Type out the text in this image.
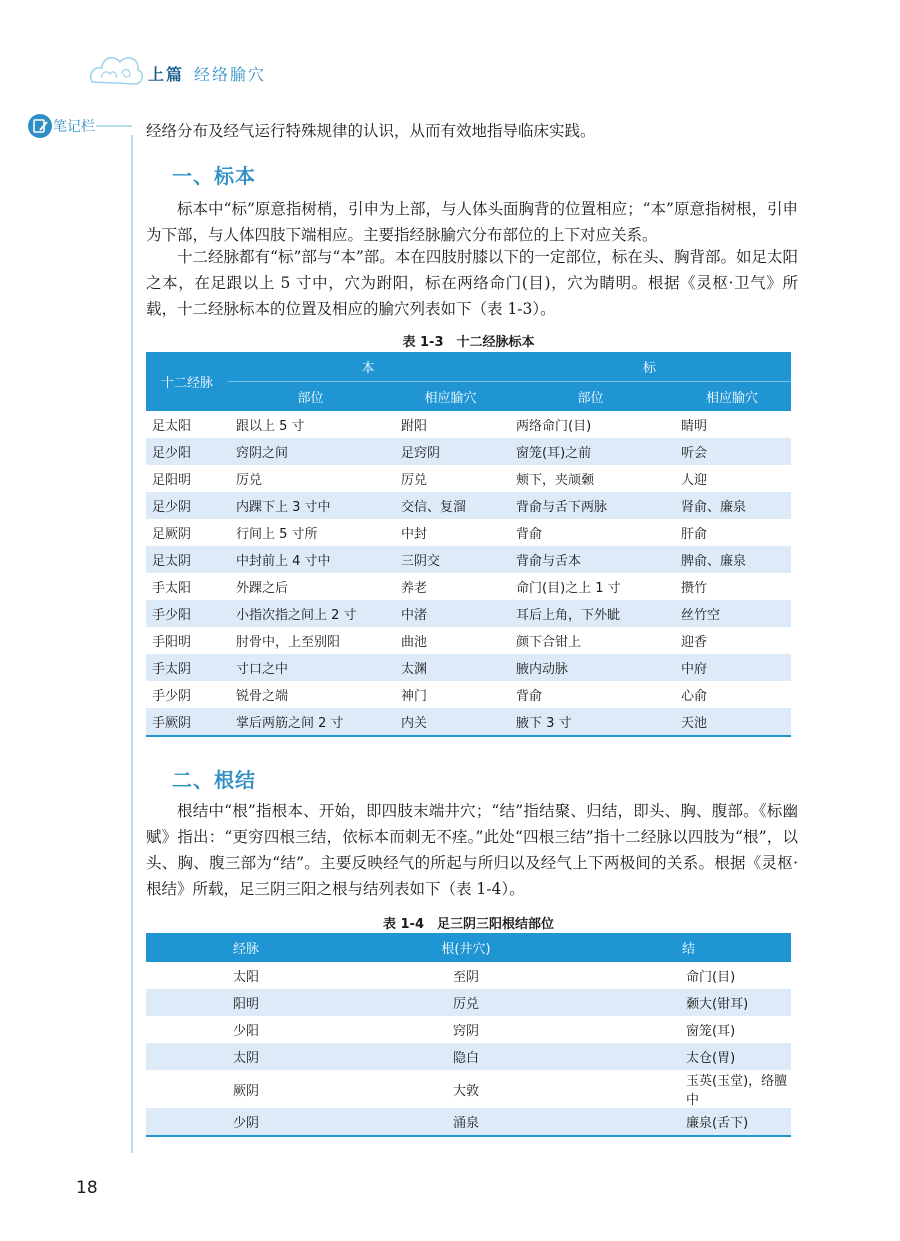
上篇 经络腧穴
笔记栏	经络分布及经气运行特殊规律的认识，从而有效地指导临床实践。
一、标本
标本中“标”原意指树梢，引申为上部，与人体头面胸背的位置相应；“本”原意指树根，引申为下部，与人体四肢下端相应。主要指经脉腧穴分布部位的上下对应关系。
十二经脉都有“标”部与“本”部。本在四肢肘膝以下的一定部位，标在头、胸背部。如足太阳之本，在足跟以上 5 寸中，穴为跗阳，标在两络命门(目)，穴为睛明。根据《灵枢·卫气》所载，十二经脉标本的位置及相应的腧穴列表如下（表 1-3）。
表 1-3　十二经脉标本
十二经脉	本		标	
	部位	相应腧穴	部位	相应腧穴
足太阳	跟以上 5 寸	跗阳	两络命门(目)	睛明
足少阳	窍阴之间	足窍阴	窗笼(耳)之前	听会
足阳明	厉兑	厉兑	颊下，夹颃颡	人迎
足少阴	内踝下上 3 寸中	交信、复溜	背俞与舌下两脉	肾俞、廉泉
足厥阴	行间上 5 寸所	中封	背俞	肝俞
足太阴	中封前上 4 寸中	三阴交	背俞与舌本	脾俞、廉泉
手太阳	外踝之后	养老	命门(目)之上 1 寸	攒竹
手少阳	小指次指之间上 2 寸	中渚	耳后上角，下外眦	丝竹空
手阳明	肘骨中，上至别阳	曲池	颜下合钳上	迎香
手太阴	寸口之中	太渊	腋内动脉	中府
手少阴	锐骨之端	神门	背俞	心俞
手厥阴	掌后两筋之间 2 寸	内关	腋下 3 寸	天池
二、根结
根结中“根”指根本、开始，即四肢末端井穴；“结”指结聚、归结，即头、胸、腹部。《标幽赋》指出：“更穷四根三结，依标本而刺无不痊。”此处“四根三结”指十二经脉以四肢为“根”，以头、胸、腹三部为“结”。主要反映经气的所起与所归以及经气上下两极间的关系。根据《灵枢·根结》所载，足三阴三阳之根与结列表如下（表 1-4）。
表 1-4　足三阴三阳根结部位
经脉	根(井穴)	结
太阳	至阴	命门(目)
阳明	厉兑	颡大(钳耳)
少阳	窍阴	窗笼(耳)
太阴	隐白	太仓(胃)
厥阴	大敦	玉英(玉堂)，络膻中
少阴	涌泉	廉泉(舌下)
18
